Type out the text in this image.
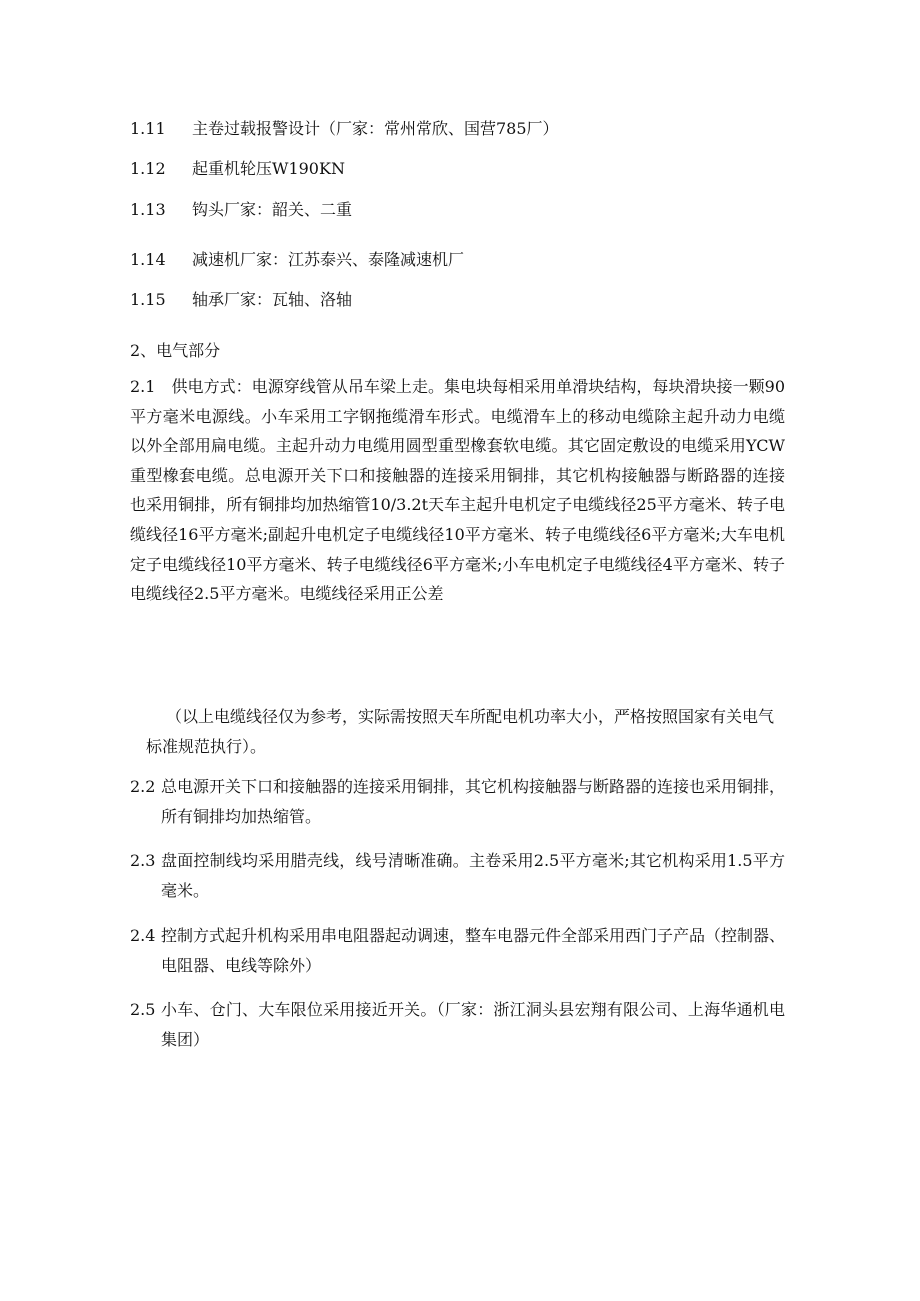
1.11 主卷过载报警设计（厂家：常州常欣、国营785厂）
1.12 起重机轮压W190KN
1.13 钩头厂家：韶关、二重
1.14 减速机厂家：江苏泰兴、泰隆减速机厂
1.15 轴承厂家：瓦轴、洛轴
2、电气部分
2.1　供电方式：电源穿线管从吊车梁上走。集电块每相采用单滑块结构，每块滑块接一颗90平方毫米电源线。小车采用工字钢拖缆滑车形式。电缆滑车上的移动电缆除主起升动力电缆以外全部用扁电缆。主起升动力电缆用圆型重型橡套软电缆。其它固定敷设的电缆采用YCW重型橡套电缆。总电源开关下口和接触器的连接采用铜排，其它机构接触器与断路器的连接也采用铜排，所有铜排均加热缩管10/3.2t天车主起升电机定子电缆线径25平方毫米、转子电缆线径16平方毫米;副起升电机定子电缆线径10平方毫米、转子电缆线径6平方毫米;大车电机定子电缆线径10平方毫米、转子电缆线径6平方毫米;小车电机定子电缆线径4平方毫米、转子电缆线径2.5平方毫米。电缆线径采用正公差
（以上电缆线径仅为参考，实际需按照天车所配电机功率大小，严格按照国家有关电气标准规范执行）。
2.2 总电源开关下口和接触器的连接采用铜排，其它机构接触器与断路器的连接也采用铜排，所有铜排均加热缩管。
2.3 盘面控制线均采用腊壳线，线号清晰准确。主卷采用2.5平方毫米;其它机构采用1.5平方毫米。
2.4 控制方式起升机构采用串电阻器起动调速，整车电器元件全部采用西门子产品（控制器、电阻器、电线等除外）
2.5 小车、仓门、大车限位采用接近开关。（厂家：浙江洞头县宏翔有限公司、上海华通机电集团）
